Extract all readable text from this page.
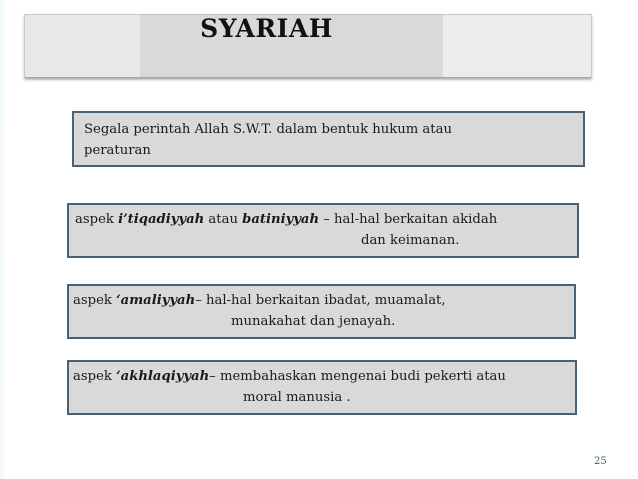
SYARIAH
Segala perintah Allah S.W.T. dalam bentuk hukum atau
peraturan
aspek i’tiqadiyyah atau batiniyyah – hal-hal berkaitan akidah
dan keimanan.
aspek ‘amaliyyah– hal-hal berkaitan ibadat, muamalat,
munakahat dan jenayah.
aspek ‘akhlaqiyyah– membahaskan mengenai budi pekerti atau
moral manusia .
25
